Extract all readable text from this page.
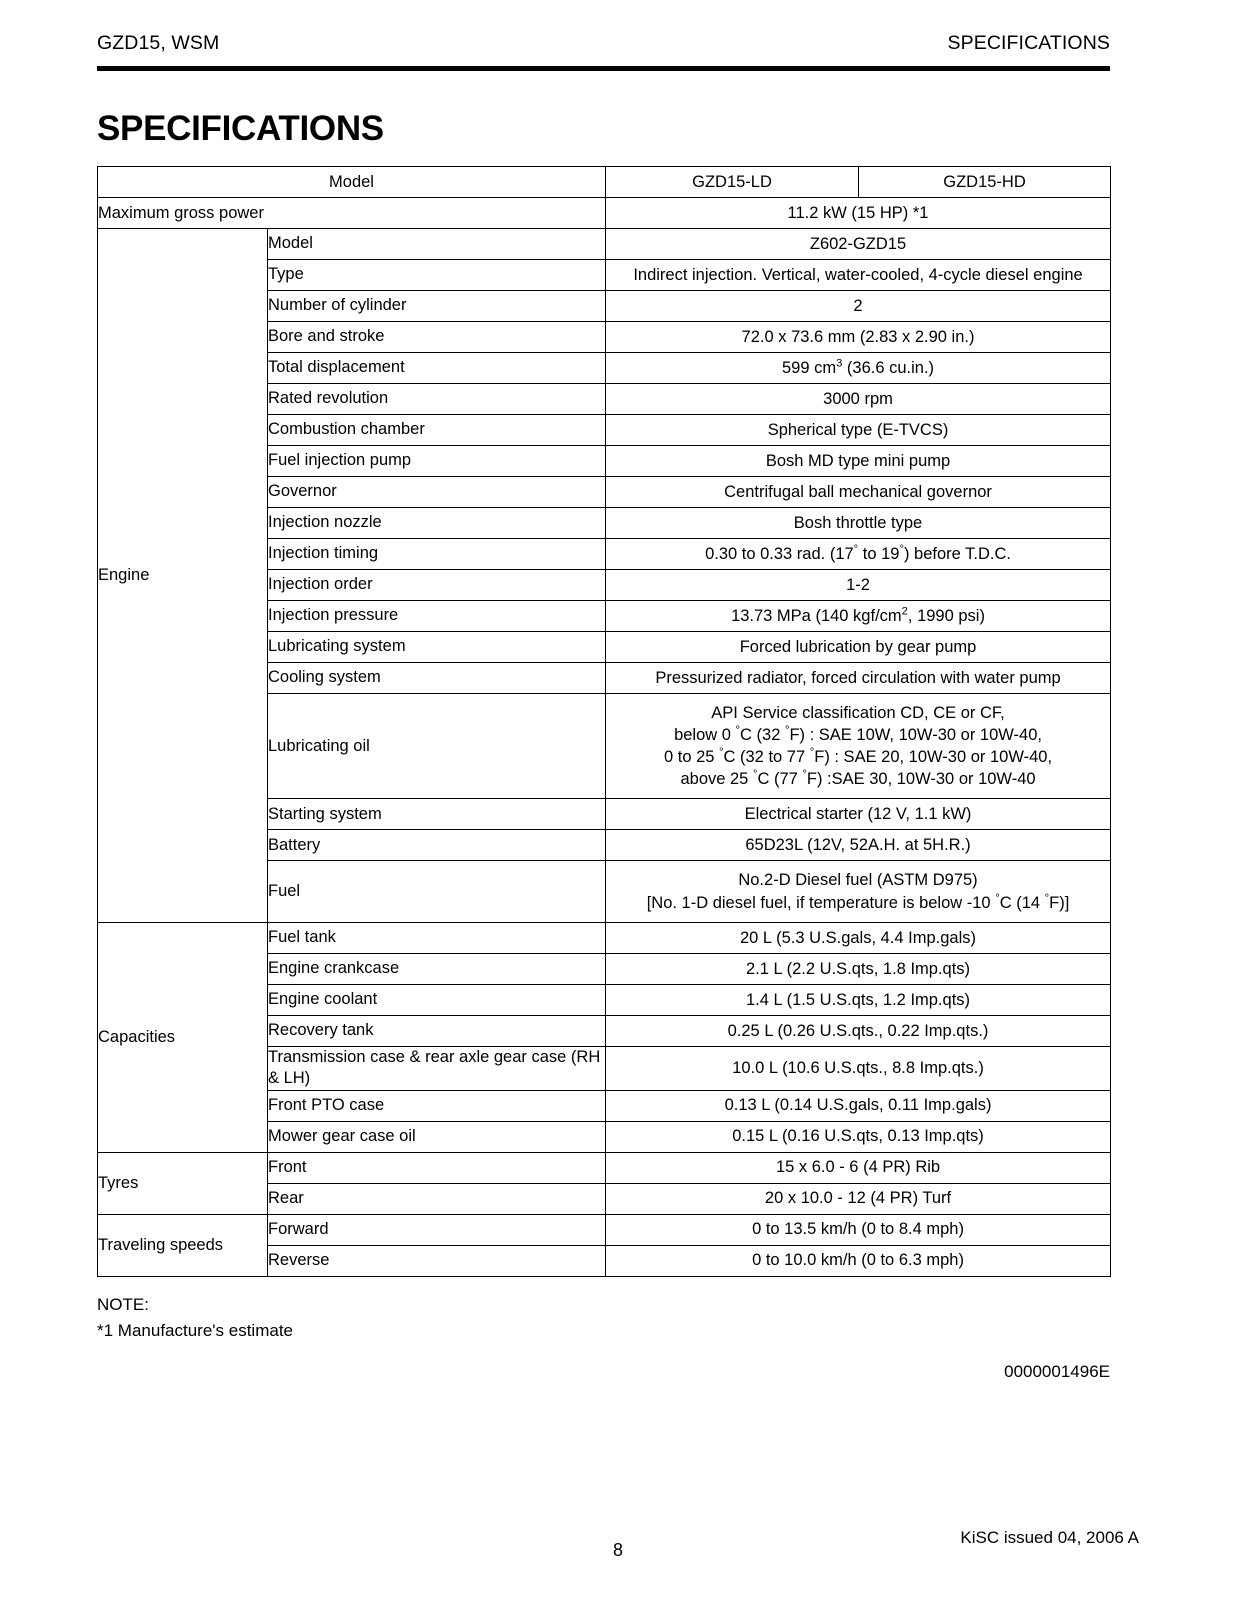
GZD15, WSM	SPECIFICATIONS
SPECIFICATIONS
Model		GZD15-LD	GZD15-HD
Maximum gross power		11.2 kW (15 HP) *1	
Engine	Model	Z602-GZD15	
	Type	Indirect injection. Vertical, water-cooled, 4-cycle diesel engine	
	Number of cylinder	2	
	Bore and stroke	72.0 x 73.6 mm (2.83 x 2.90 in.)	
	Total displacement	599 $cm^3$ (36.6 cu.in.)	
	Rated revolution	3000 rpm	
	Combustion chamber	Spherical type (E-TVCS)	
	Fuel injection pump	Bosh MD type mini pump	
	Governor	Centrifugal ball mechanical governor	
	Injection nozzle	Bosh throttle type	
	Injection timing	0.30 to 0.33 rad. (17° to 19°) before T.D.C.	
	Injection order	1-2	
	Injection pressure	13.73 MPa (140 kgf/$cm^2$, 1990 psi)	
	Lubricating system	Forced lubrication by gear pump	
	Cooling system	Pressurized radiator, forced circulation with water pump	
	Lubricating oil	API Service classification CD, CE or CF,
below 0 °C (32 °F) : SAE 10W, 10W-30 or 10W-40,
0 to 25 °C (32 to 77 °F) : SAE 20, 10W-30 or 10W-40,
above 25 °C (77 °F) :SAE 30, 10W-30 or 10W-40	
	Starting system	Electrical starter (12 V, 1.1 kW)	
	Battery	65D23L (12V, 52A.H. at 5H.R.)	
	Fuel	No.2-D Diesel fuel (ASTM D975)
[No. 1-D diesel fuel, if temperature is below -10 °C (14 °F)]	
Capacities	Fuel tank	20 L (5.3 U.S.gals, 4.4 Imp.gals)	
	Engine crankcase	2.1 L (2.2 U.S.qts, 1.8 Imp.qts)	
	Engine coolant	1.4 L (1.5 U.S.qts, 1.2 Imp.qts)	
	Recovery tank	0.25 L (0.26 U.S.qts., 0.22 Imp.qts.)	
	Transmission case & rear axle gear case (RH & LH)	10.0 L (10.6 U.S.qts., 8.8 Imp.qts.)	
	Front PTO case	0.13 L (0.14 U.S.gals, 0.11 Imp.gals)	
	Mower gear case oil	0.15 L (0.16 U.S.qts, 0.13 Imp.qts)	
Tyres	Front	15 x 6.0 - 6 (4 PR) Rib	
	Rear	20 x 10.0 - 12 (4 PR) Turf	
Traveling speeds	Forward	0 to 13.5 km/h (0 to 8.4 mph)	
	Reverse	0 to 10.0 km/h (0 to 6.3 mph)	
NOTE:
*1 Manufacture's estimate
0000001496E
8
KiSC issued 04, 2006 A
